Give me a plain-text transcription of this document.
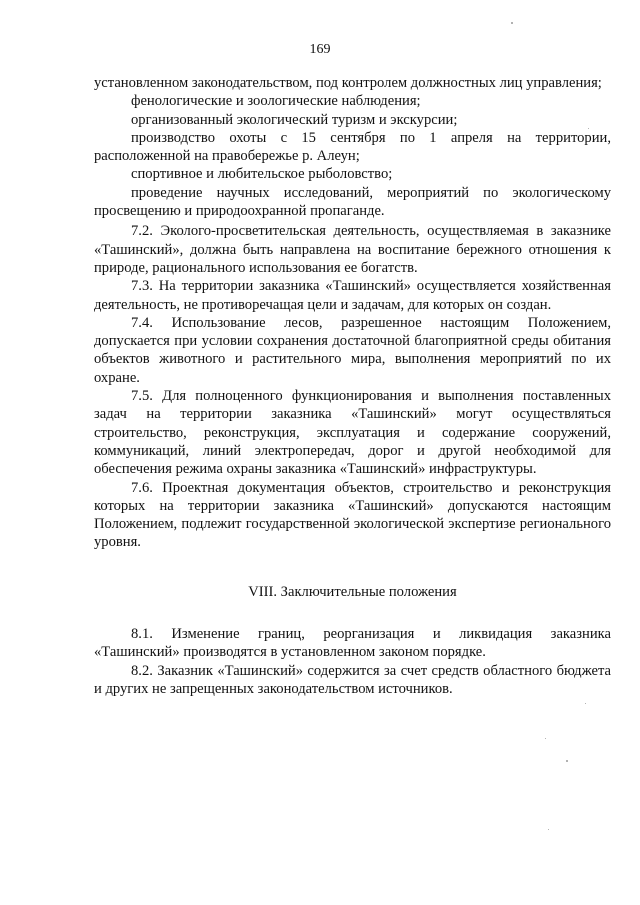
169

установленном законодательством, под контролем должностных лиц управления;

фенологические и зоологические наблюдения;

организованный экологический туризм и экскурсии;

производство охоты с 15 сентября по 1 апреля на территории, расположенной на правобережье р. Алеун;

спортивное и любительское рыболовство;

проведение научных исследований, мероприятий по экологическому просвещению и природоохранной пропаганде.

7.2. Эколого-просветительская деятельность, осуществляемая в заказнике «Ташинский», должна быть направлена на воспитание бережного отношения к природе, рационального использования ее богатств.

7.3. На территории заказника «Ташинский» осуществляется хозяйственная деятельность, не противоречащая цели и задачам, для которых он создан.

7.4. Использование лесов, разрешенное настоящим Положением, допускается при условии сохранения достаточной благоприятной среды обитания объектов животного и растительного мира, выполнения мероприятий по их охране.

7.5. Для полноценного функционирования и выполнения поставленных задач на территории заказника «Ташинский» могут осуществляться строительство, реконструкция, эксплуатация и содержание сооружений, коммуникаций, линий электропередач, дорог и другой необходимой для обеспечения режима охраны заказника «Ташинский» инфраструктуры.

7.6. Проектная документация объектов, строительство и реконструкция которых на территории заказника «Ташинский» допускаются настоящим Положением, подлежит государственной экологической экспертизе регионального уровня.

VIII. Заключительные положения

8.1. Изменение границ, реорганизация и ликвидация заказника «Ташинский» производятся в установленном законом порядке.

8.2. Заказник «Ташинский» содержится за счет средств областного бюджета и других не запрещенных законодательством источников.
